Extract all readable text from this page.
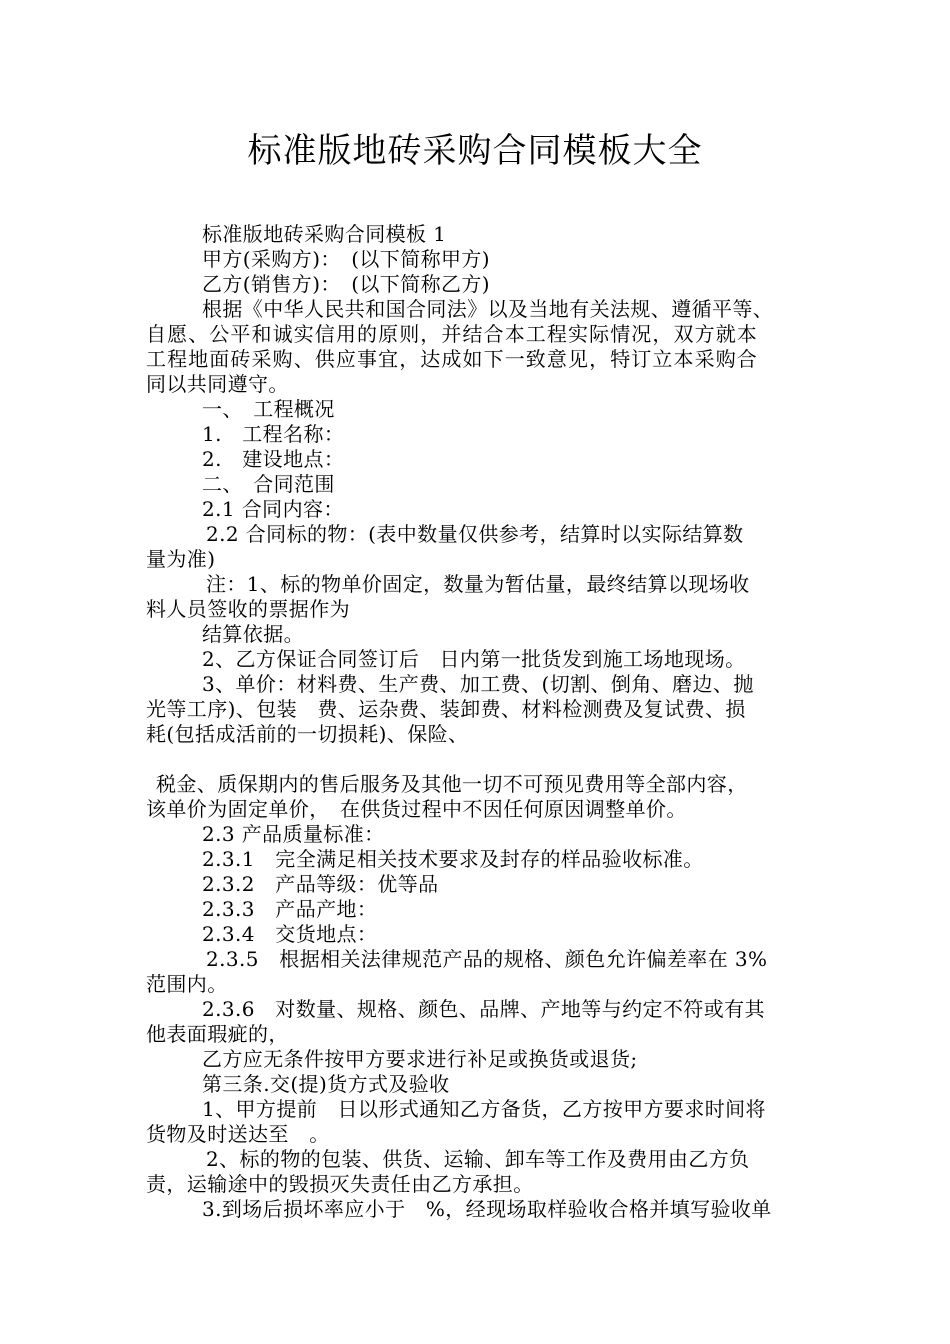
标准版地砖采购合同模板大全
标准版地砖采购合同模板 1
甲方(采购方)：　(以下简称甲方)
乙方(销售方)：　(以下简称乙方)
根据《中华人民共和国合同法》以及当地有关法规、遵循平等、
自愿、公平和诚实信用的原则，并结合本工程实际情况，双方就本
工程地面砖采购、供应事宜，达成如下一致意见，特订立本采购合
同以共同遵守。
一、　工程概况
1.　工程名称：
2.　建设地点：
二、　合同范围
2.1 合同内容：
2.2 合同标的物：(表中数量仅供参考，结算时以实际结算数
量为准)
注：1、标的物单价固定，数量为暂估量，最终结算以现场收
料人员签收的票据作为
结算依据。
2、乙方保证合同签订后　日内第一批货发到施工场地现场。
3、单价：材料费、生产费、加工费、(切割、倒角、磨边、抛
光等工序)、包装　费、运杂费、装卸费、材料检测费及复试费、损
耗(包括成活前的一切损耗)、保险、
税金、质保期内的售后服务及其他一切不可预见费用等全部内容，
该单价为固定单价，　在供货过程中不因任何原因调整单价。
2.3 产品质量标准：
2.3.1　完全满足相关技术要求及封存的样品验收标准。
2.3.2　产品等级：优等品
2.3.3　产品产地：
2.3.4　交货地点：
2.3.5　根据相关法律规范产品的规格、颜色允许偏差率在 3%
范围内。
2.3.6　对数量、规格、颜色、品牌、产地等与约定不符或有其
他表面瑕疵的，
乙方应无条件按甲方要求进行补足或换货或退货;
第三条.交(提)货方式及验收
1、甲方提前　日以形式通知乙方备货，乙方按甲方要求时间将
货物及时送达至　。
2、标的物的包装、供货、运输、卸车等工作及费用由乙方负
责，运输途中的毁损灭失责任由乙方承担。
3.到场后损坏率应小于　%，经现场取样验收合格并填写验收单
